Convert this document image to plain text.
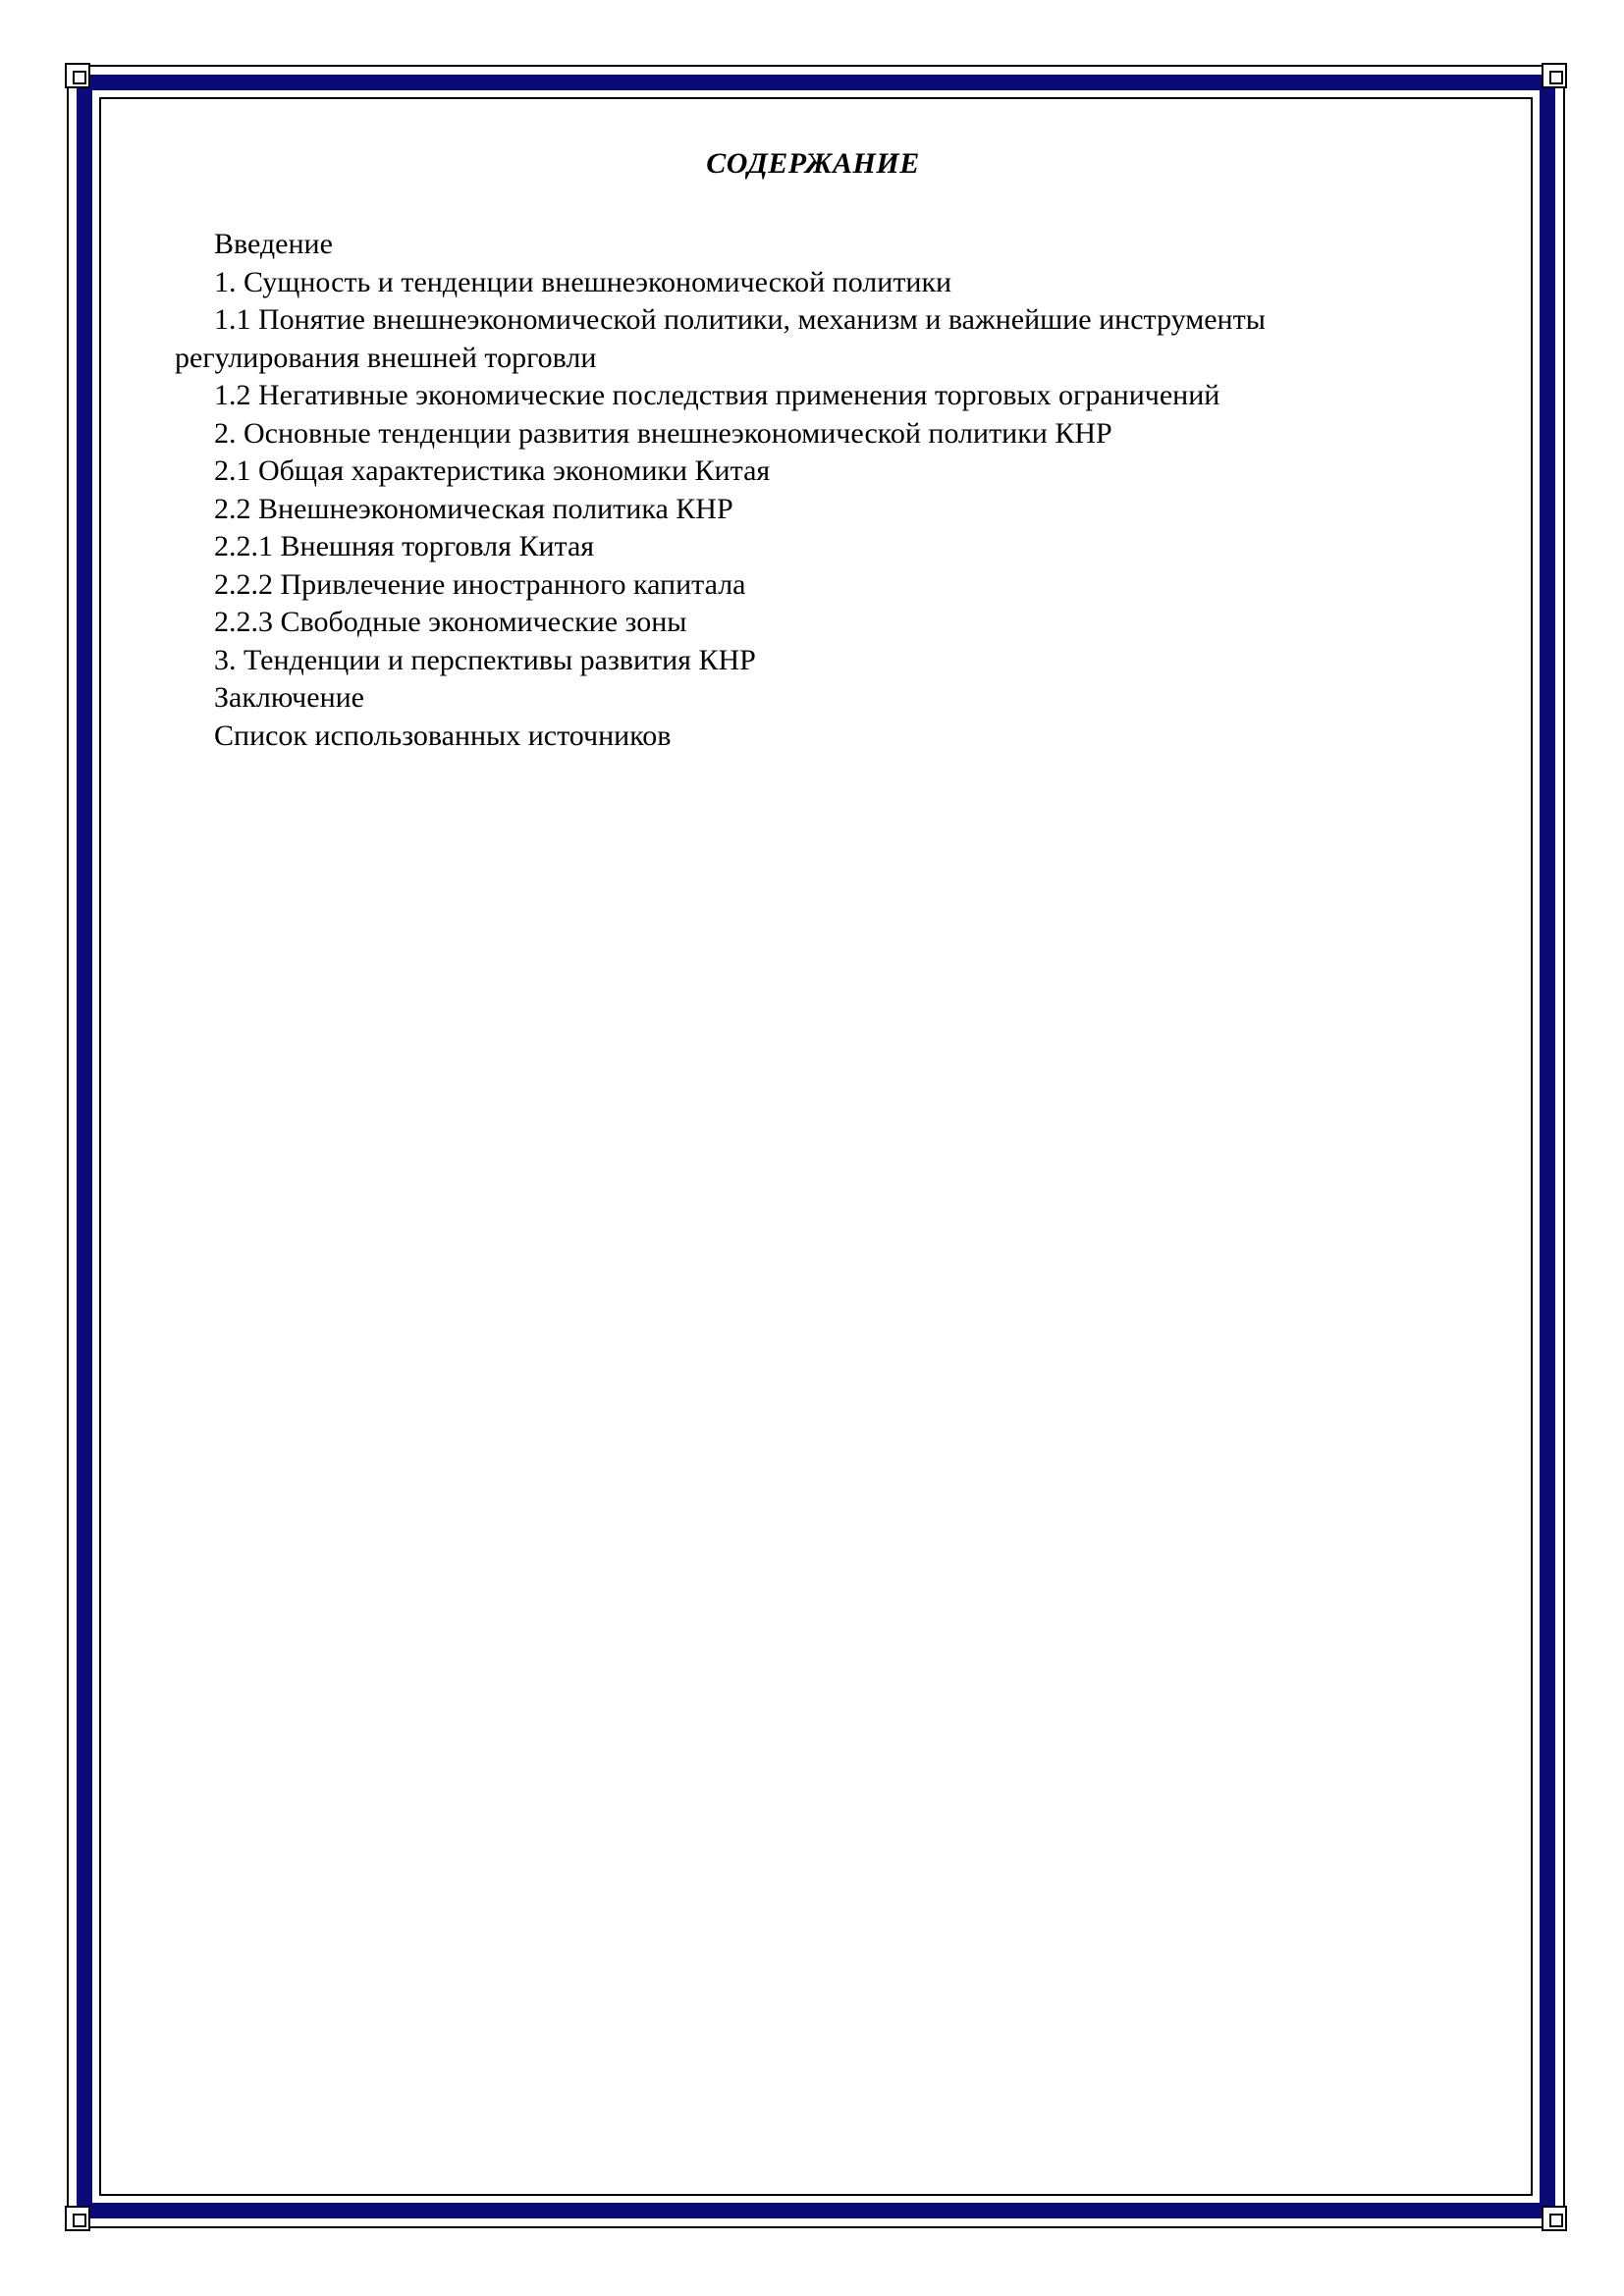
СОДЕРЖАНИЕ
Введение
1. Сущность и тенденции внешнеэкономической политики
1.1 Понятие внешнеэкономической политики, механизм и важнейшие инструменты регулирования внешней торговли
1.2 Негативные экономические последствия применения торговых ограничений
2. Основные тенденции развития внешнеэкономической политики КНР
2.1 Общая характеристика экономики Китая
2.2 Внешнеэкономическая политика КНР
2.2.1 Внешняя торговля Китая
2.2.2 Привлечение иностранного капитала
2.2.3 Свободные экономические зоны
3. Тенденции и перспективы развития КНР
Заключение
Список использованных источников
